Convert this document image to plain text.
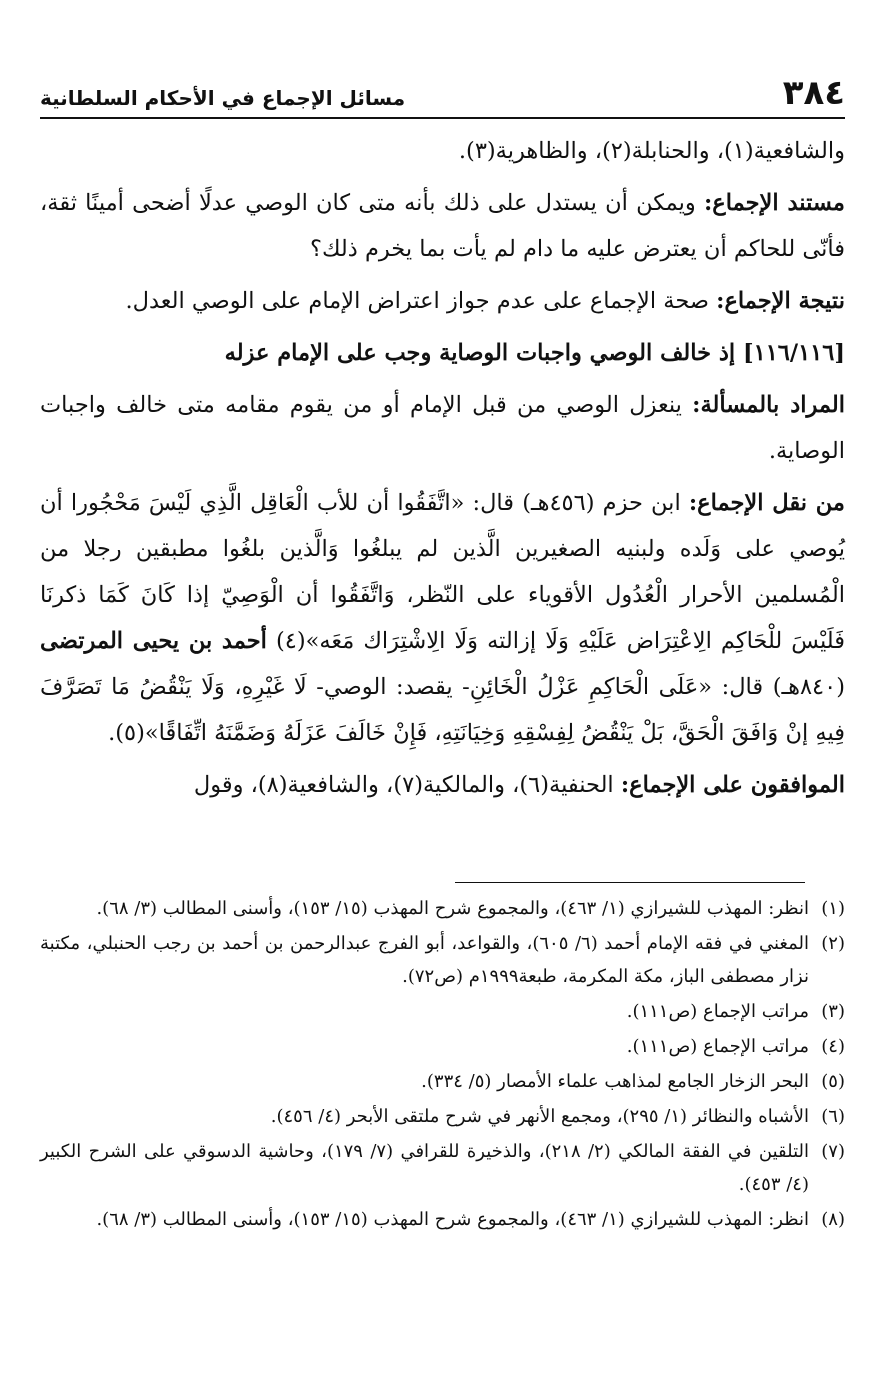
٣٨٤
مسائل الإجماع في الأحكام السلطانية

والشافعية(١)، والحنابلة(٢)، والظاهرية(٣).

مستند الإجماع: ويمكن أن يستدل على ذلك بأنه متى كان الوصي عدلًا أضحى أمينًا ثقة، فأنّى للحاكم أن يعترض عليه ما دام لم يأت بما يخرم ذلك؟

نتيجة الإجماع: صحة الإجماع على عدم جواز اعتراض الإمام على الوصي العدل.

[١١٦/١١٦] إذ خالف الوصي واجبات الوصاية وجب على الإمام عزله

المراد بالمسألة: ينعزل الوصي من قبل الإمام أو من يقوم مقامه متى خالف واجبات الوصاية.

من نقل الإجماع: ابن حزم (٤٥٦هـ) قال: «اتَّفَقُوا أن للأب الْعَاقِل الَّذِي لَيْسَ مَحْجُورا أن يُوصي على وَلَده ولبنيه الصغيرين الَّذين لم يبلغُوا وَالَّذين بلغُوا مطبقين رجلا من الْمُسلمين الأحرار الْعُدُول الأقوياء على النّظر، وَاتَّفَقُوا أن الْوَصِيّ إذا كَانَ كَمَا ذكرنَا فَلَيْسَ للْحَاكِم الِاعْتِرَاض عَلَيْهِ وَلَا إزالته وَلَا الِاشْتِرَاك مَعَه»(٤) أحمد بن يحيى المرتضى (٨٤٠هـ) قال: «عَلَى الْحَاكِمِ عَزْلُ الْخَائِنِ- يقصد: الوصي- لَا غَيْرِهِ، وَلَا يَنْقُضُ مَا تَصَرَّفَ فِيهِ إنْ وَافَقَ الْحَقَّ، بَلْ يَنْقُضُ لِفِسْقِهِ وَخِيَانَتِهِ، فَإِنْ خَالَفَ عَزَلَهُ وَضَمَّنَهُ اتِّفَاقًا»(٥).

الموافقون على الإجماع: الحنفية(٦)، والمالكية(٧)، والشافعية(٨)، وقول

(١)
انظر: المهذب للشيرازي (١/ ٤٦٣)، والمجموع شرح المهذب (١٥/ ١٥٣)، وأسنى المطالب (٣/ ٦٨).
(٢)
المغني في فقه الإمام أحمد (٦/ ٦٠٥)، والقواعد، أبو الفرج عبدالرحمن بن أحمد بن رجب الحنبلي، مكتبة نزار مصطفى الباز، مكة المكرمة، طبعة١٩٩٩م (ص٧٢).
(٣)
مراتب الإجماع (ص١١١).
(٤)
مراتب الإجماع (ص١١١).
(٥)
البحر الزخار الجامع لمذاهب علماء الأمصار (٥/ ٣٣٤).
(٦)
الأشباه والنظائر (١/ ٢٩٥)، ومجمع الأنهر في شرح ملتقى الأبحر (٤/ ٤٥٦).
(٧)
التلقين في الفقة المالكي (٢/ ٢١٨)، والذخيرة للقرافي (٧/ ١٧٩)، وحاشية الدسوقي على الشرح الكبير (٤/ ٤٥٣).
(٨)
انظر: المهذب للشيرازي (١/ ٤٦٣)، والمجموع شرح المهذب (١٥/ ١٥٣)، وأسنى المطالب (٣/ ٦٨).
